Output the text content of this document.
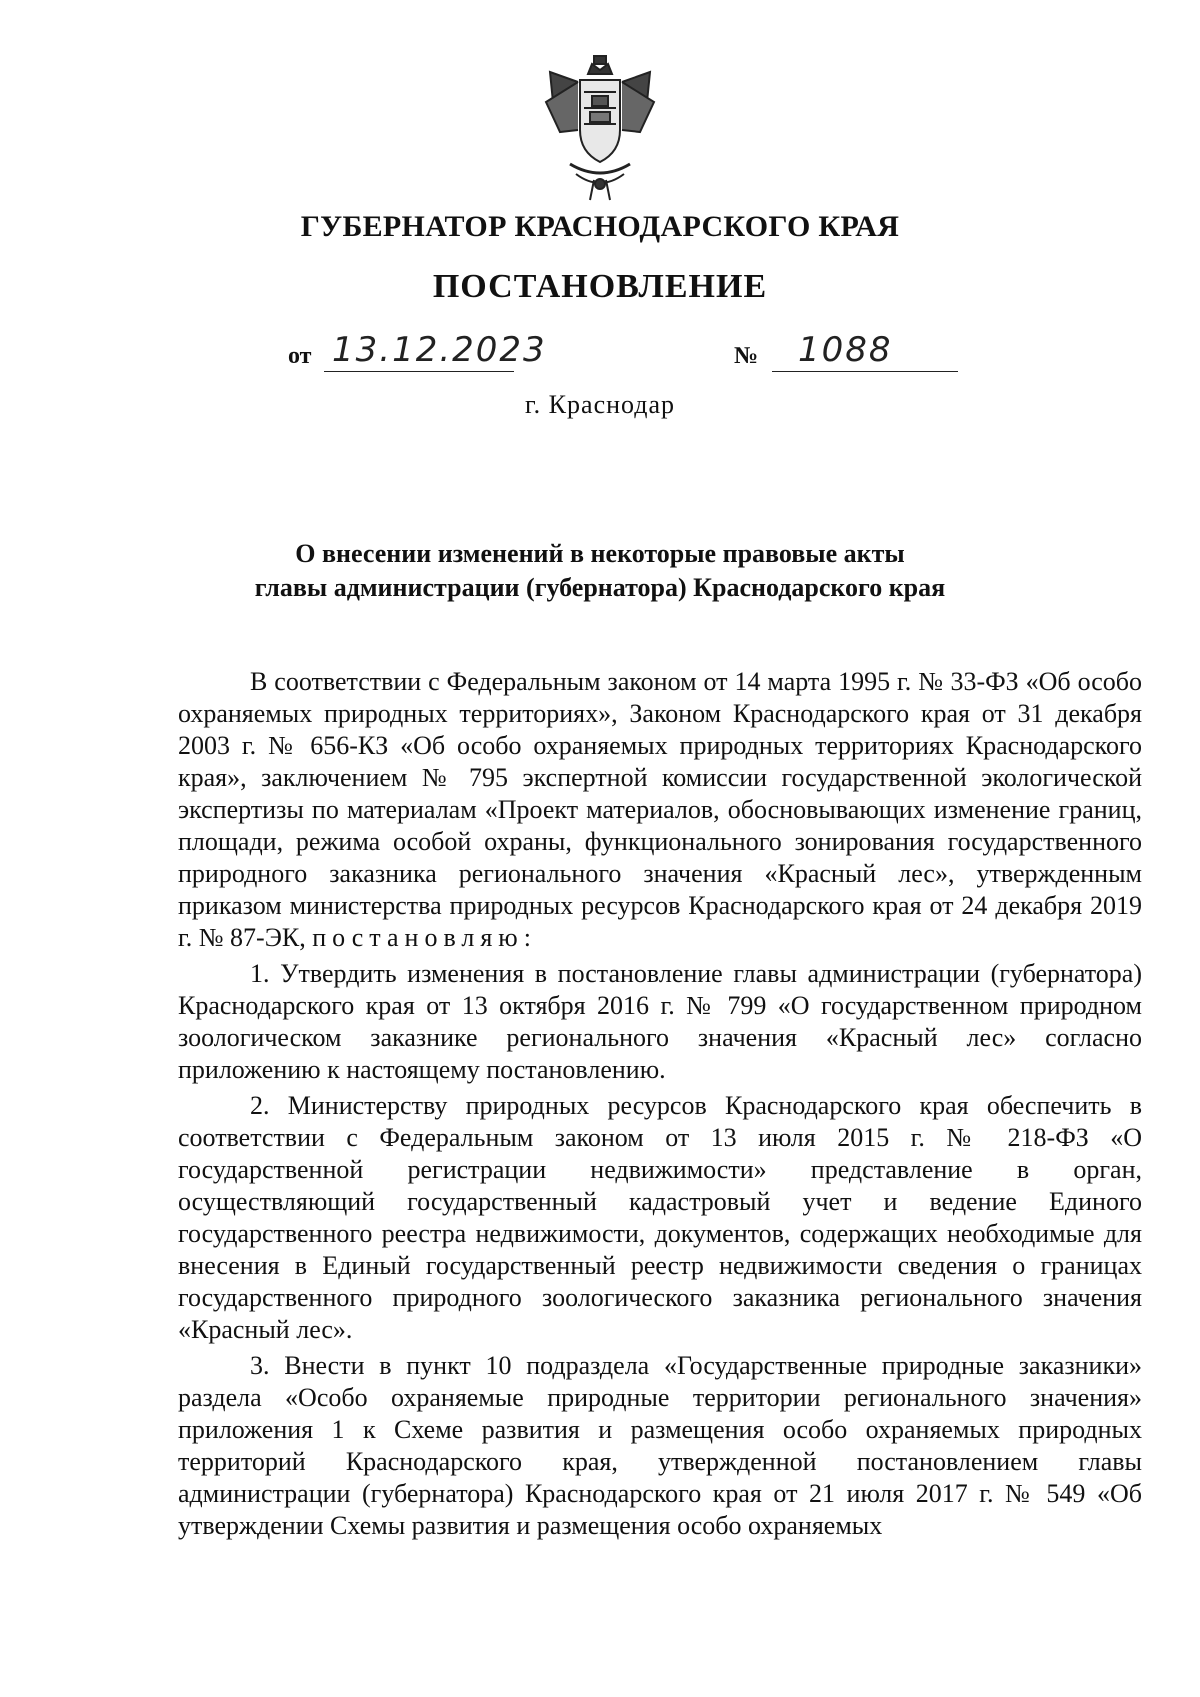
ГУБЕРНАТОР КРАСНОДАРСКОГО КРАЯ
ПОСТАНОВЛЕНИЕ
от 13.12.2023	№ 1088
г. Краснодар
О внесении изменений в некоторые правовые акты
главы администрации (губернатора) Краснодарского края

В соответствии с Федеральным законом от 14 марта 1995 г. № 33-ФЗ «Об особо охраняемых природных территориях», Законом Краснодарского края от 31 декабря 2003 г. № 656-КЗ «Об особо охраняемых природных территориях Краснодарского края», заключением № 795 экспертной комиссии государственной экологической экспертизы по материалам «Проект материалов, обосновывающих изменение границ, площади, режима особой охраны, функционального зонирования государственного природного заказника регионального значения «Красный лес», утвержденным приказом министерства природных ресурсов Краснодарского края от 24 декабря 2019 г. № 87-ЭК, постановляю:

1. Утвердить изменения в постановление главы администрации (губернатора) Краснодарского края от 13 октября 2016 г. № 799 «О государственном природном зоологическом заказнике регионального значения «Красный лес» согласно приложению к настоящему постановлению.

2. Министерству природных ресурсов Краснодарского края обеспечить в соответствии с Федеральным законом от 13 июля 2015 г. № 218-ФЗ «О государственной регистрации недвижимости» представление в орган, осуществляющий государственный кадастровый учет и ведение Единого государственного реестра недвижимости, документов, содержащих необходимые для внесения в Единый государственный реестр недвижимости сведения о границах государственного природного зоологического заказника регионального значения «Красный лес».

3. Внести в пункт 10 подраздела «Государственные природные заказники» раздела «Особо охраняемые природные территории регионального значения» приложения 1 к Схеме развития и размещения особо охраняемых природных территорий Краснодарского края, утвержденной постановлением главы администрации (губернатора) Краснодарского края от 21 июля 2017 г. № 549 «Об утверждении Схемы развития и размещения особо охраняемых
